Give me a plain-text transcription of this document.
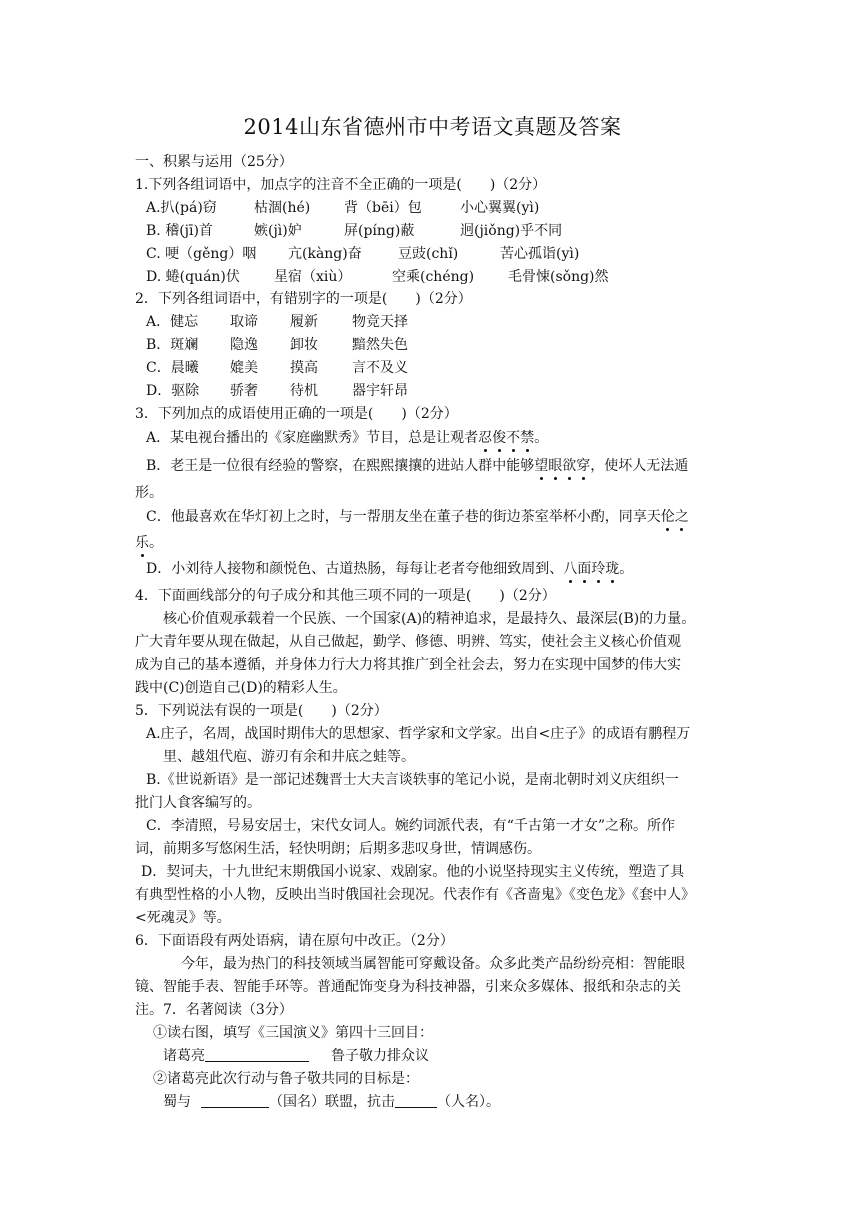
2014山东省德州市中考语文真题及答案
一、积累与运用（25分）
1.下列各组词语中，加点字的注音不全正确的一项是(　　)（2分）
A.扒(pá)窃	枯涸(hé) 背（bēi）包	小心翼翼(yì)
B. 稽(jī)首	嫉(jì)妒	屏(píng)蔽	迥(jiǒng)乎不同
C. 哽（gěng）咽 亢(kàng)奋	豆豉(chǐ)	苦心孤诣(yì)
D. 蜷(quán)伏 星宿（xiù）	空乘(chéng) 毛骨悚(sǒng)然
2．下列各组词语中，有错别字的一项是(　　)（2分）
A．健忘 取谛 履新 物竞天择
B．斑斓 隐逸 卸妆 黯然失色
C．晨曦 媲美 摸高 言不及义
D．驱除 骄奢 待机 器宇轩昂
3．下列加点的成语使用正确的一项是(　　)（2分）
A．某电视台播出的《家庭幽默秀》节目，总是让观者忍俊不禁。
B．老王是一位很有经验的警察，在熙熙攘攘的进站人群中能够望眼欲穿，使坏人无法遁
形。
C．他最喜欢在华灯初上之时，与一帮朋友坐在董子巷的街边茶室举杯小酌，同享天伦之
乐。
D．小刘待人接物和颜悦色、古道热肠，每每让老者夸他细致周到、八面玲珑。
4．下面画线部分的句子成分和其他三项不同的一项是(　　)（2分）
核心价值观承载着一个民族、一个国家(A)的精神追求，是最持久、最深层(B)的力量。
广大青年要从现在做起，从自己做起，勤学、修德、明辨、笃实，使社会主义核心价值观
成为自己的基本遵循，并身体力行大力将其推广到全社会去，努力在实现中国梦的伟大实
践中(C)创造自己(D)的精彩人生。
5．下列说法有误的一项是(　　)（2分）
A.庄子，名周，战国时期伟大的思想家、哲学家和文学家。出自<庄子》的成语有鹏程万
里、越俎代庖、游刃有余和井底之蛙等。
B.《世说新语》是一部记述魏晋士大夫言谈轶事的笔记小说，是南北朝时刘义庆组织一
批门人食客编写的。
C．李清照，号易安居士，宋代女词人。婉约词派代表，有“千古第一才女”之称。所作
词，前期多写悠闲生活，轻快明朗；后期多悲叹身世，情调感伤。
D．契诃夫，十九世纪末期俄国小说家、戏剧家。他的小说坚持现实主义传统，塑造了具
有典型性格的小人物，反映出当时俄国社会现况。代表作有《吝啬鬼》《变色龙》《套中人》
<死魂灵》等。
6．下面语段有两处语病，请在原句中改正。（2分）
今年，最为热门的科技领域当属智能可穿戴设备。众多此类产品纷纷亮相：智能眼
镜、智能手表、智能手环等。普通配饰变身为科技神器，引来众多媒体、报纸和杂志的关
注。7．名著阅读（3分）
①读右图，填写《三国演义》第四十三回目：
诸葛亮	鲁子敬力排众议
②诸葛亮此次行动与鲁子敬共同的目标是：
蜀与	（国名）联盟，抗击	（人名）。
